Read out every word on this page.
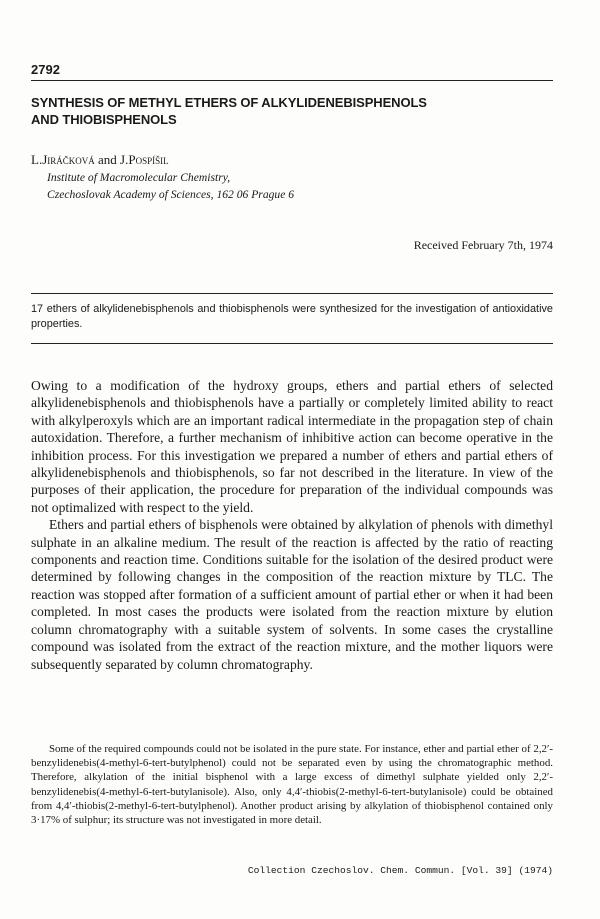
2792
SYNTHESIS OF METHYL ETHERS OF ALKYLIDENEBISPHENOLS
AND THIOBISPHENOLS
L.Jiráčková and J.Pospíšil
Institute of Macromolecular Chemistry,
Czechoslovak Academy of Sciences, 162 06 Prague 6
Received February 7th, 1974
17 ethers of alkylidenebisphenols and thiobisphenols were synthesized for the investigation of antioxidative properties.

Owing to a modification of the hydroxy groups, ethers and partial ethers of selected alkylidenebisphenols and thiobisphenols have a partially or completely limited ability to react with alkylperoxyls which are an important radical intermediate in the propagation step of chain autoxidation. Therefore, a further mechanism of inhibitive action can become operative in the inhibition process. For this investigation we prepared a number of ethers and partial ethers of alkylidenebisphenols and thiobisphenols, so far not described in the literature. In view of the purposes of their application, the procedure for preparation of the individual compounds was not optimalized with respect to the yield.

Ethers and partial ethers of bisphenols were obtained by alkylation of phenols with dimethyl sulphate in an alkaline medium. The result of the reaction is affected by the ratio of reacting components and reaction time. Conditions suitable for the isolation of the desired product were determined by following changes in the composition of the reaction mixture by TLC. The reaction was stopped after formation of a sufficient amount of partial ether or when it had been completed. In most cases the products were isolated from the reaction mixture by elution column chromatography with a suitable system of solvents. In some cases the crystalline compound was isolated from the extract of the reaction mixture, and the mother liquors were subsequently separated by column chromatography.

Some of the required compounds could not be isolated in the pure state. For instance, ether and partial ether of 2,2′-benzylidenebis(4-methyl-6-tert-butylphenol) could not be separated even by using the chromatographic method. Therefore, alkylation of the initial bisphenol with a large excess of dimethyl sulphate yielded only 2,2′-benzylidenebis(4-methyl-6-tert-butylanisole). Also, only 4,4′-thiobis(2-methyl-6-tert-butylanisole) could be obtained from 4,4′-thiobis(2-methyl-6-tert-butylphenol). Another product arising by alkylation of thiobisphenol contained only 3·17% of sulphur; its structure was not investigated in more detail.

Collection Czechoslov. Chem. Commun. [Vol. 39] (1974)
